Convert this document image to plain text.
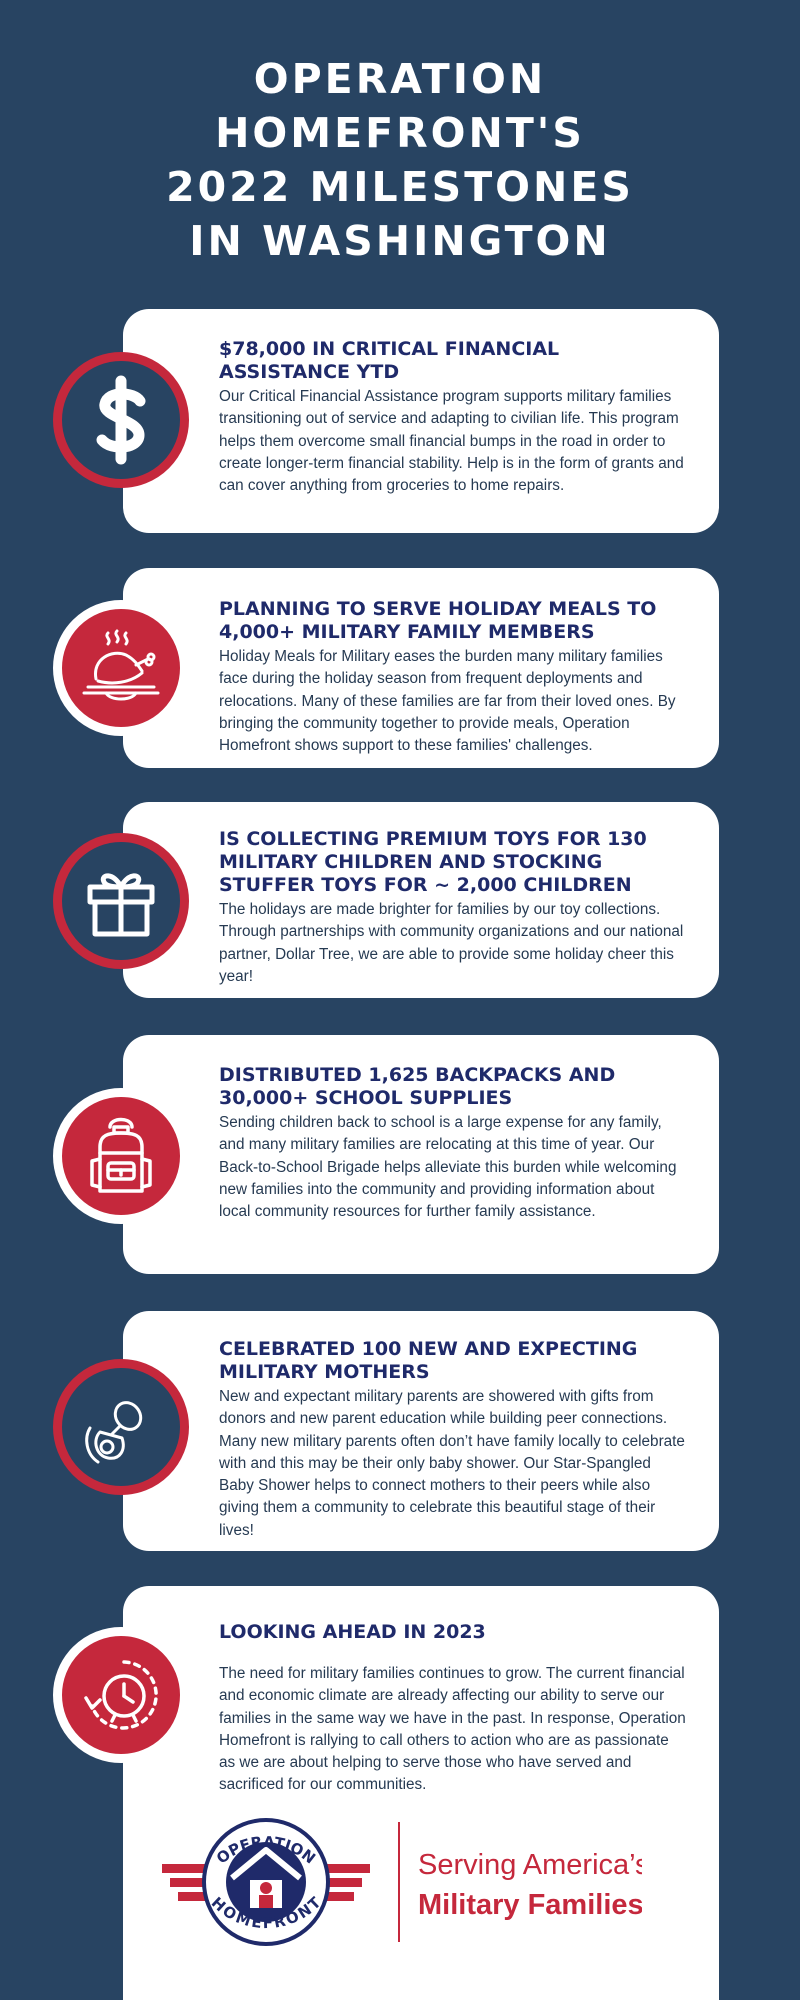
OPERATION
HOMEFRONT'S
2022 MILESTONES
IN WASHINGTON
$78,000 IN CRITICAL FINANCIAL ASSISTANCE YTD

Our Critical Financial Assistance program supports military families transitioning out of service and adapting to civilian life. This program helps them overcome small financial bumps in the road in order to create longer-term financial stability. Help is in the form of grants and can cover anything from groceries to home repairs.

PLANNING TO SERVE HOLIDAY MEALS TO 4,000+ MILITARY FAMILY MEMBERS

Holiday Meals for Military eases the burden many military families face during the holiday season from frequent deployments and relocations. Many of these families are far from their loved ones. By bringing the community together to provide meals, Operation Homefront shows support to these families' challenges.

IS COLLECTING PREMIUM TOYS FOR 130 MILITARY CHILDREN AND STOCKING STUFFER TOYS FOR ~ 2,000 CHILDREN

The holidays are made brighter for families by our toy collections. Through partnerships with community organizations and our national partner, Dollar Tree, we are able to provide some holiday cheer this year!

DISTRIBUTED 1,625 BACKPACKS AND 30,000+ SCHOOL SUPPLIES

Sending children back to school is a large expense for any family, and many military families are relocating at this time of year. Our Back-to-School Brigade helps alleviate this burden while welcoming new families into the community and providing information about local community resources for further family assistance.

CELEBRATED 100 NEW AND EXPECTING MILITARY MOTHERS

New and expectant military parents are showered with gifts from donors and new parent education while building peer connections. Many new military parents often don’t have family locally to celebrate with and this may be their only baby shower. Our Star-Spangled Baby Shower helps to connect mothers to their peers while also giving them a community to celebrate this beautiful stage of their lives!

LOOKING AHEAD IN 2023

The need for military families continues to grow. The current financial and economic climate are already affecting our ability to serve our families in the same way we have in the past. In response, Operation Homefront is rallying to call others to action who are as passionate as we are about helping to serve those who have served and sacrificed for our communities.

OPERATION
HOMEFRONT
Serving America’s
Military Families
